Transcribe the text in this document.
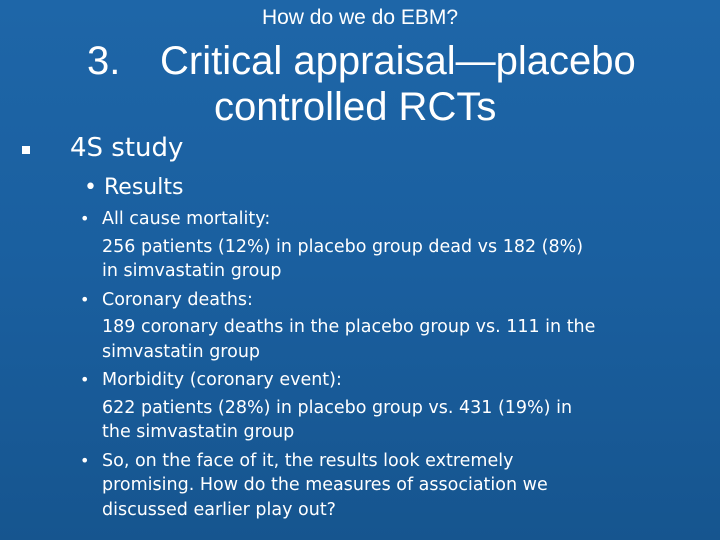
How do we do EBM?
3. Critical appraisal—placebo
controlled RCTs
4S study
• Results
• All cause mortality:
256 patients (12%) in placebo group dead vs 182 (8%)
in simvastatin group
• Coronary deaths:
189 coronary deaths in the placebo group vs. 111 in the
simvastatin group
• Morbidity (coronary event):
622 patients (28%) in placebo group vs. 431 (19%) in
the simvastatin group
• So, on the face of it, the results look extremely
promising. How do the measures of association we
discussed earlier play out?
